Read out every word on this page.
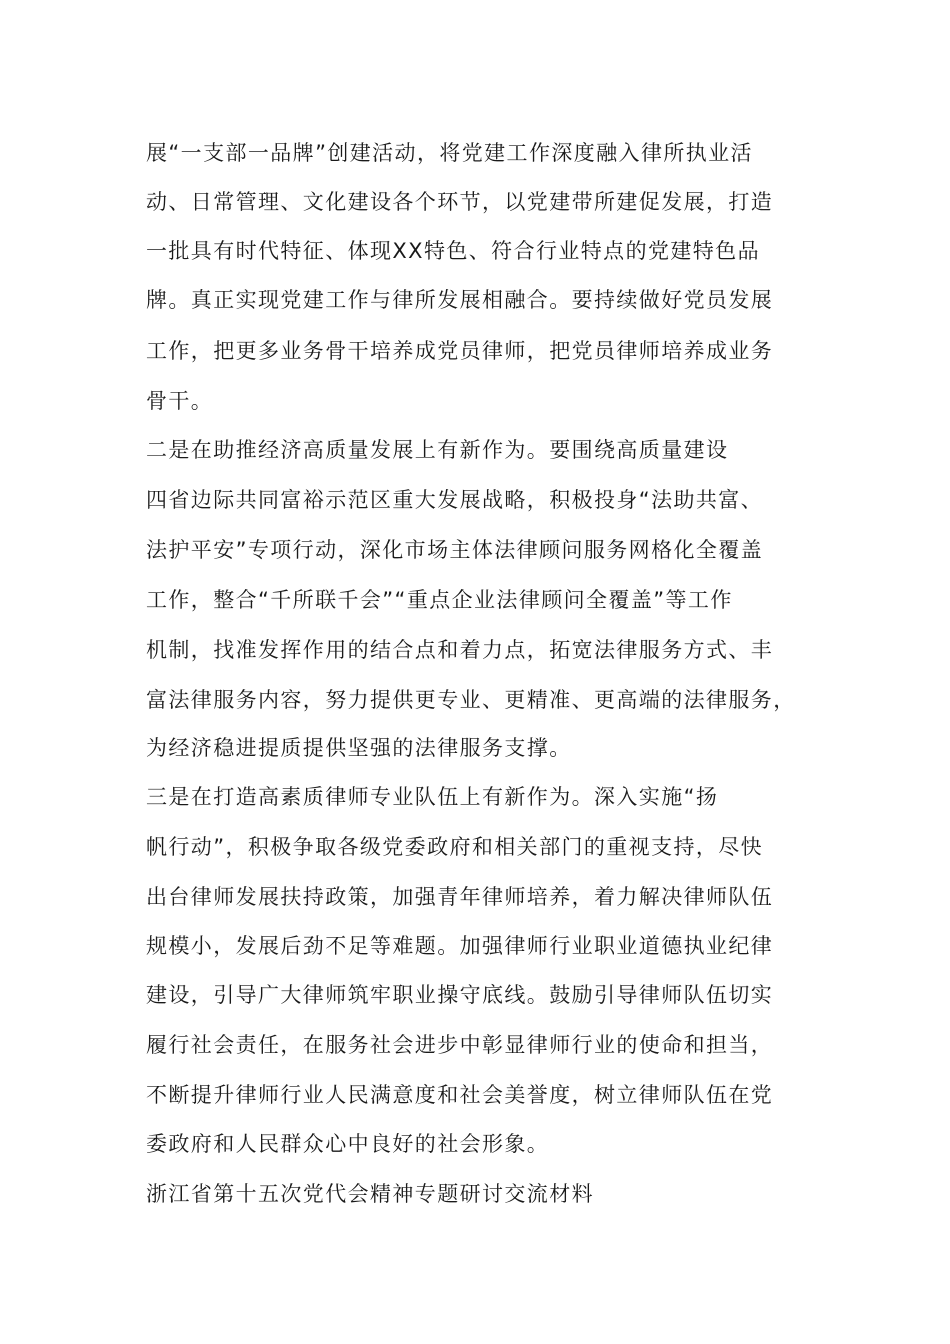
展“一支部一品牌”创建活动，将党建工作深度融入律所执业活
动、日常管理、文化建设各个环节，以党建带所建促发展，打造
一批具有时代特征、体现XX特色、符合行业特点的党建特色品
牌。真正实现党建工作与律所发展相融合。要持续做好党员发展
工作，把更多业务骨干培养成党员律师，把党员律师培养成业务
骨干。
二是在助推经济高质量发展上有新作为。要围绕高质量建设
四省边际共同富裕示范区重大发展战略，积极投身“法助共富、
法护平安”专项行动，深化市场主体法律顾问服务网格化全覆盖
工作，整合“千所联千会”“重点企业法律顾问全覆盖”等工作
机制，找准发挥作用的结合点和着力点，拓宽法律服务方式、丰
富法律服务内容，努力提供更专业、更精准、更高端的法律服务，
为经济稳进提质提供坚强的法律服务支撑。
三是在打造高素质律师专业队伍上有新作为。深入实施“扬
帆行动”，积极争取各级党委政府和相关部门的重视支持，尽快
出台律师发展扶持政策，加强青年律师培养，着力解决律师队伍
规模小，发展后劲不足等难题。加强律师行业职业道德执业纪律
建设，引导广大律师筑牢职业操守底线。鼓励引导律师队伍切实
履行社会责任，在服务社会进步中彰显律师行业的使命和担当，
不断提升律师行业人民满意度和社会美誉度，树立律师队伍在党
委政府和人民群众心中良好的社会形象。
浙江省第十五次党代会精神专题研讨交流材料
